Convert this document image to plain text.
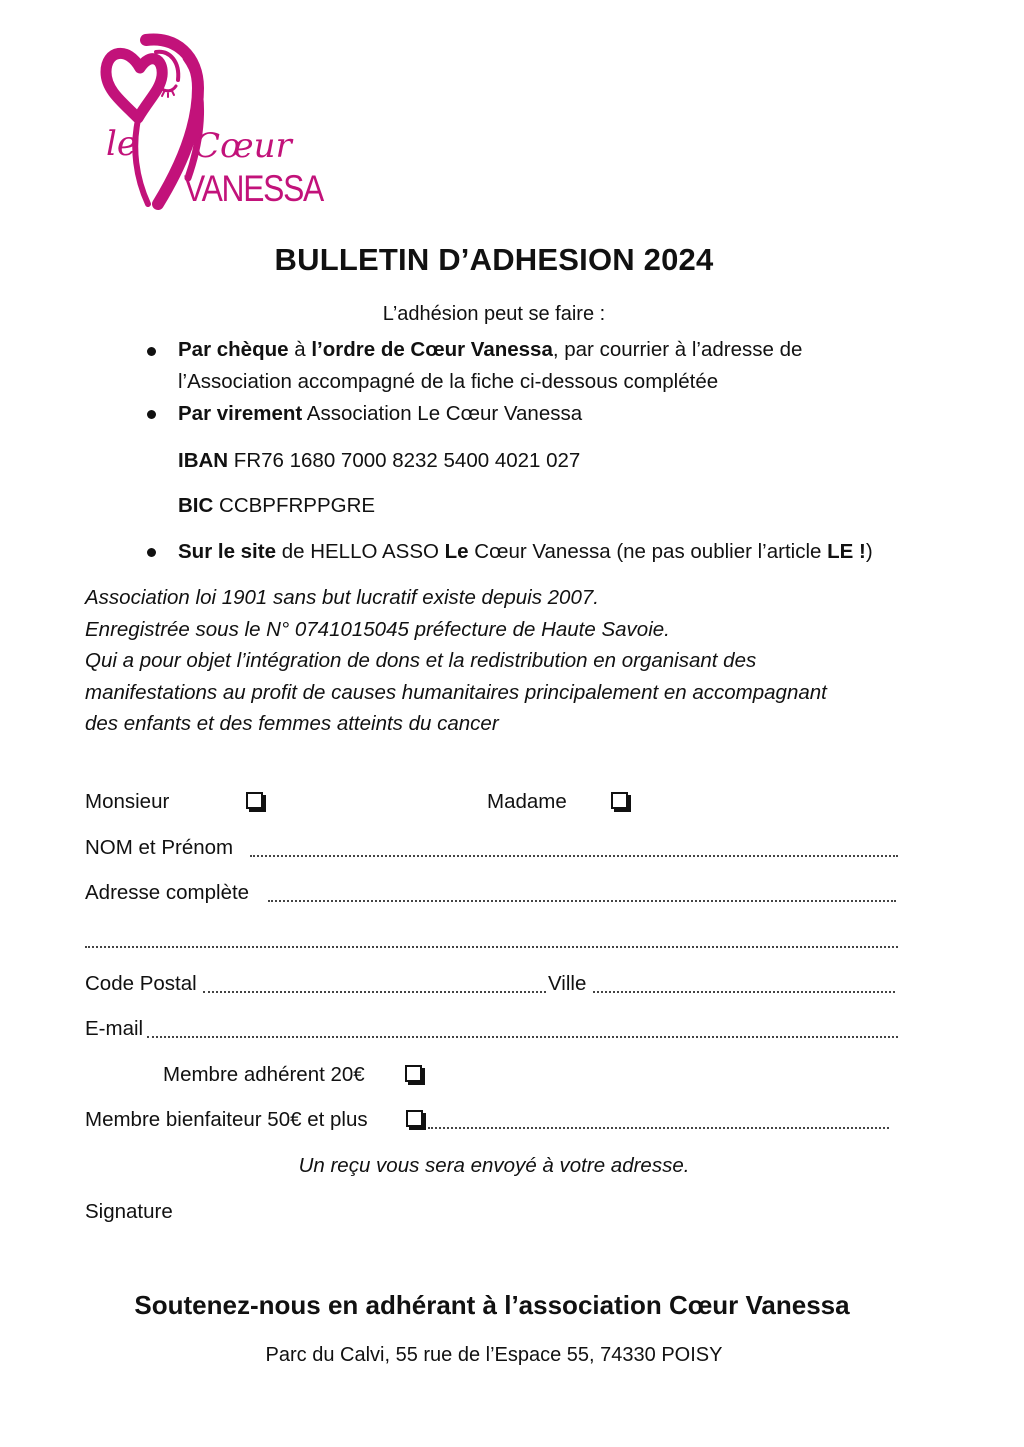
le Cœur
VANESSA
BULLETIN D’ADHESION 2024
L’adhésion peut se faire :
Par chèque à l’ordre de Cœur Vanessa, par courrier à l’adresse de
l’Association accompagné de la fiche ci-dessous complétée
Par virement Association Le Cœur Vanessa
IBAN FR76 1680 7000 8232 5400 4021 027
BIC CCBPFRPPGRE
Sur le site de HELLO ASSO Le Cœur Vanessa (ne pas oublier l’article LE !)
Association loi 1901 sans but lucratif existe depuis 2007.
Enregistrée sous le N° 0741015045 préfecture de Haute Savoie.
Qui a pour objet l’intégration de dons et la redistribution en organisant des
manifestations au profit de causes humanitaires principalement en accompagnant
des enfants et des femmes atteints du cancer
Monsieur	Madame
NOM et Prénom
Adresse complète
Code Postal	Ville
E-mail
Membre adhérent 20€
Membre bienfaiteur 50€ et plus
Un reçu vous sera envoyé à votre adresse.
Signature
Soutenez-nous en adhérant à l’association Cœur Vanessa
Parc du Calvi, 55 rue de l’Espace 55, 74330 POISY
